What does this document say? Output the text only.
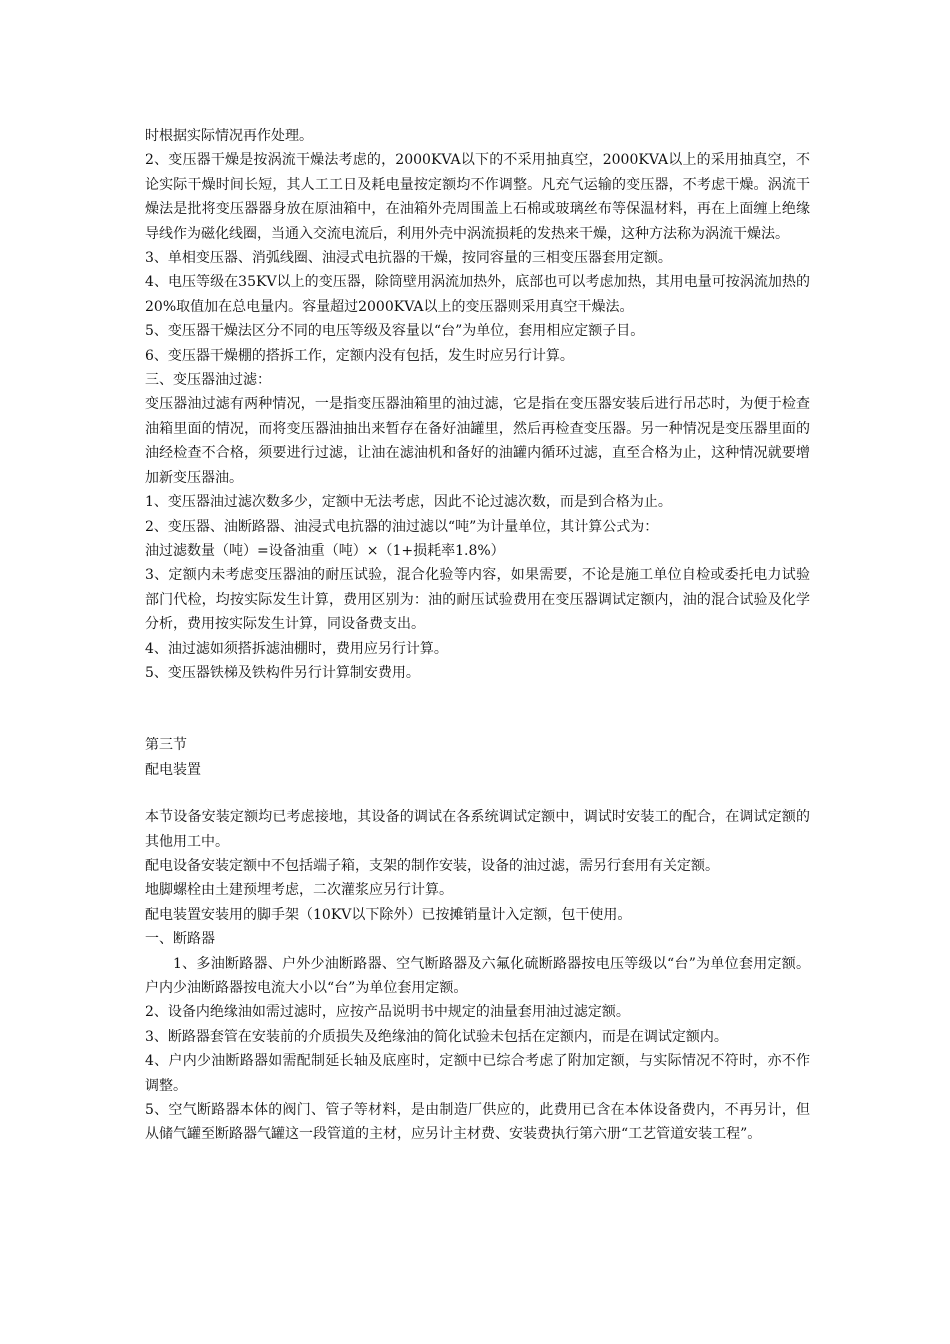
时根据实际情况再作处理。

2、变压器干燥是按涡流干燥法考虑的，2000KVA以下的不采用抽真空，2000KVA以上的采用抽真空，不论实际干燥时间长短，其人工工日及耗电量按定额均不作调整。凡充气运输的变压器，不考虑干燥。涡流干燥法是批将变压器器身放在原油箱中，在油箱外壳周围盖上石棉或玻璃丝布等保温材料，再在上面缠上绝缘导线作为磁化线圈，当通入交流电流后，利用外壳中涡流损耗的发热来干燥，这种方法称为涡流干燥法。

3、单相变压器、消弧线圈、油浸式电抗器的干燥，按同容量的三相变压器套用定额。

4、电压等级在35KV以上的变压器，除筒壁用涡流加热外，底部也可以考虑加热，其用电量可按涡流加热的20%取值加在总电量内。容量超过2000KVA以上的变压器则采用真空干燥法。

5、变压器干燥法区分不同的电压等级及容量以“台”为单位，套用相应定额子目。

6、变压器干燥棚的搭拆工作，定额内没有包括，发生时应另行计算。

三、变压器油过滤：

变压器油过滤有两种情况，一是指变压器油箱里的油过滤，它是指在变压器安装后进行吊芯时，为便于检查油箱里面的情况，而将变压器油抽出来暂存在备好油罐里，然后再检查变压器。另一种情况是变压器里面的油经检查不合格，须要进行过滤，让油在滤油机和备好的油罐内循环过滤，直至合格为止，这种情况就要增加新变压器油。

1、变压器油过滤次数多少，定额中无法考虑，因此不论过滤次数，而是到合格为止。

2、变压器、油断路器、油浸式电抗器的油过滤以“吨”为计量单位，其计算公式为：

油过滤数量（吨）=设备油重（吨）×（1+损耗率1.8%）

3、定额内未考虑变压器油的耐压试验，混合化验等内容，如果需要，不论是施工单位自检或委托电力试验部门代检，均按实际发生计算，费用区别为：油的耐压试验费用在变压器调试定额内，油的混合试验及化学分析，费用按实际发生计算，同设备费支出。

4、油过滤如须搭拆滤油棚时，费用应另行计算。

5、变压器铁梯及铁构件另行计算制安费用。

第三节

配电装置

本节设备安装定额均已考虑接地，其设备的调试在各系统调试定额中，调试时安装工的配合，在调试定额的其他用工中。

配电设备安装定额中不包括端子箱，支架的制作安装，设备的油过滤，需另行套用有关定额。

地脚螺栓由土建预埋考虑，二次灌浆应另行计算。

配电装置安装用的脚手架（10KV以下除外）已按摊销量计入定额，包干使用。

一、断路器

1、多油断路器、户外少油断路器、空气断路器及六氟化硫断路器按电压等级以“台”为单位套用定额。户内少油断路器按电流大小以“台”为单位套用定额。

2、设备内绝缘油如需过滤时，应按产品说明书中规定的油量套用油过滤定额。

3、断路器套管在安装前的介质损失及绝缘油的简化试验未包括在定额内，而是在调试定额内。

4、户内少油断路器如需配制延长轴及底座时，定额中已综合考虑了附加定额，与实际情况不符时，亦不作调整。

5、空气断路器本体的阀门、管子等材料，是由制造厂供应的，此费用已含在本体设备费内，不再另计，但从储气罐至断路器气罐这一段管道的主材，应另计主材费、安装费执行第六册“工艺管道安装工程”。
